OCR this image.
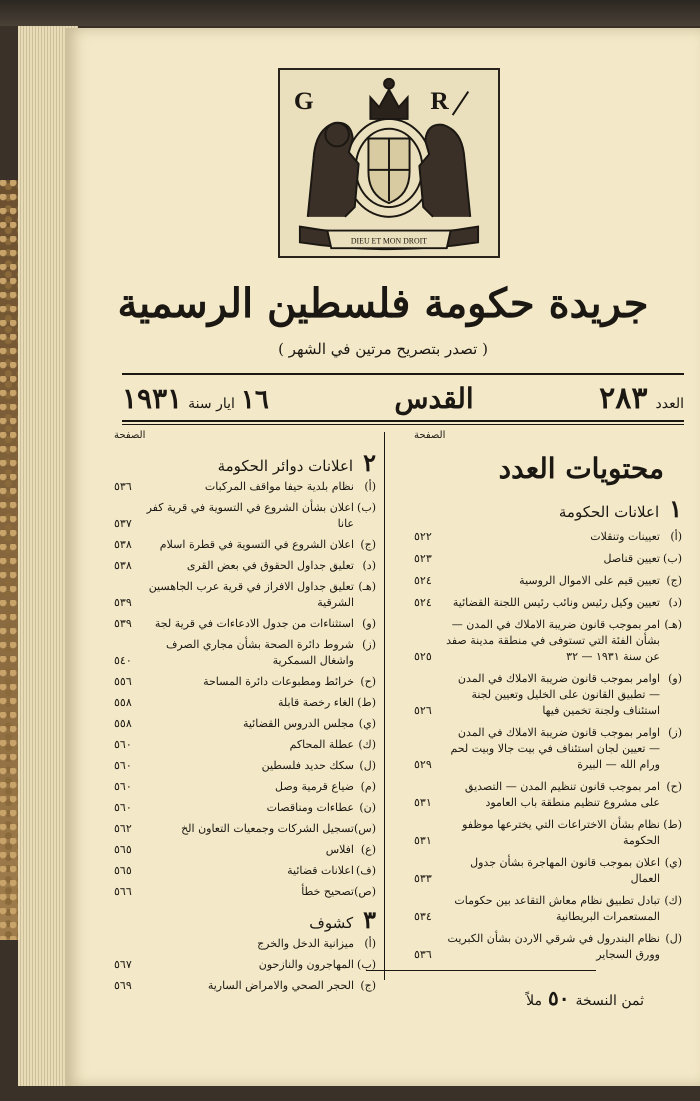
G	R
DIEU ET MON DROIT
جريدة حكومة فلسطين الرسمية
( تصدر بتصريح مرتين في الشهر )
العدد
٢٨٣
القدس
١٦
ايار سنة
١٩٣١
الصفحة
محتويات العدد
١
اعلانات الحكومة
(أ)
تعيينات وتنقلات
٥٢٢
(ب)
تعيين قناصل
٥٢٣
(ج)
تعيين قيم على الاموال الروسية
٥٢٤
(د)
تعيين وكيل رئيس ونائب رئيس اللجنة القضائية
٥٢٤
(هـ)
امر بموجب قانون ضريبة الاملاك في المدن — بشأن الفئة التي تستوفى في منطقة مدينة صفد عن سنة ١٩٣١ — ٣٢
٥٢٥
(و)
اوامر بموجب قانون ضريبة الاملاك في المدن — تطبيق القانون على الخليل وتعيين لجنة استئناف ولجنة تخمين فيها
٥٢٦
(ز)
اوامر بموجب قانون ضريبة الاملاك في المدن — تعيين لجان استئناف في بيت جالا وبيت لحم ورام الله — البيرة
٥٢٩
(ح)
امر بموجب قانون تنظيم المدن — التصديق على مشروع تنظيم منطقة باب العامود
٥٣١
(ط)
نظام بشأن الاختراعات التي يخترعها موظفو الحكومة
٥٣١
(ي)
اعلان بموجب قانون المهاجرة بشأن جدول العمال
٥٣٣
(ك)
تبادل تطبيق نظام معاش التقاعد بين حكومات المستعمرات البريطانية
٥٣٤
(ل)
نظام البندرول في شرقي الاردن بشأن الكبريت وورق السجاير
٥٣٦
الصفحة
٢
اعلانات دوائر الحكومة
(أ)
نظام بلدية حيفا مواقف المركبات
٥٣٦
(ب)
اعلان بشأن الشروع في التسوية في قرية كفر عانا
٥٣٧
(ج)
اعلان الشروع في التسوية في قطرة اسلام
٥٣٨
(د)
تعليق جداول الحقوق في بعض القرى
٥٣٨
(هـ)
تعليق جداول الافراز في قرية عرب الجاهسين الشرقية
٥٣٩
(و)
استثناءات من جدول الادعاءات في قرية لجة
٥٣٩
(ز)
شروط دائرة الصحة بشأن مجاري الصرف واشغال السمكرية
٥٤٠
(ح)
خرائط ومطبوعات دائرة المساحة
٥٥٦
(ط)
الغاء رخصة قابلة
٥٥٨
(ي)
مجلس الدروس القضائية
٥٥٨
(ك)
عطلة المحاكم
٥٦٠
(ل)
سكك حديد فلسطين
٥٦٠
(م)
ضياع قرمية وصل
٥٦٠
(ن)
عطاءات ومناقصات
٥٦٠
(س)
تسجيل الشركات وجمعيات التعاون الخ
٥٦٢
(ع)
افلاس
٥٦٥
(ف)
اعلانات قضائية
٥٦٥
(ص)
تصحيح خطأ
٥٦٦
٣
كشوف
(أ)
ميزانية الدخل والخرج
(ب)
المهاجرون والنازحون
٥٦٧
(ج)
الحجر الصحي والامراض السارية
٥٦٩
ثمن النسخة
٥٠
ملاً
